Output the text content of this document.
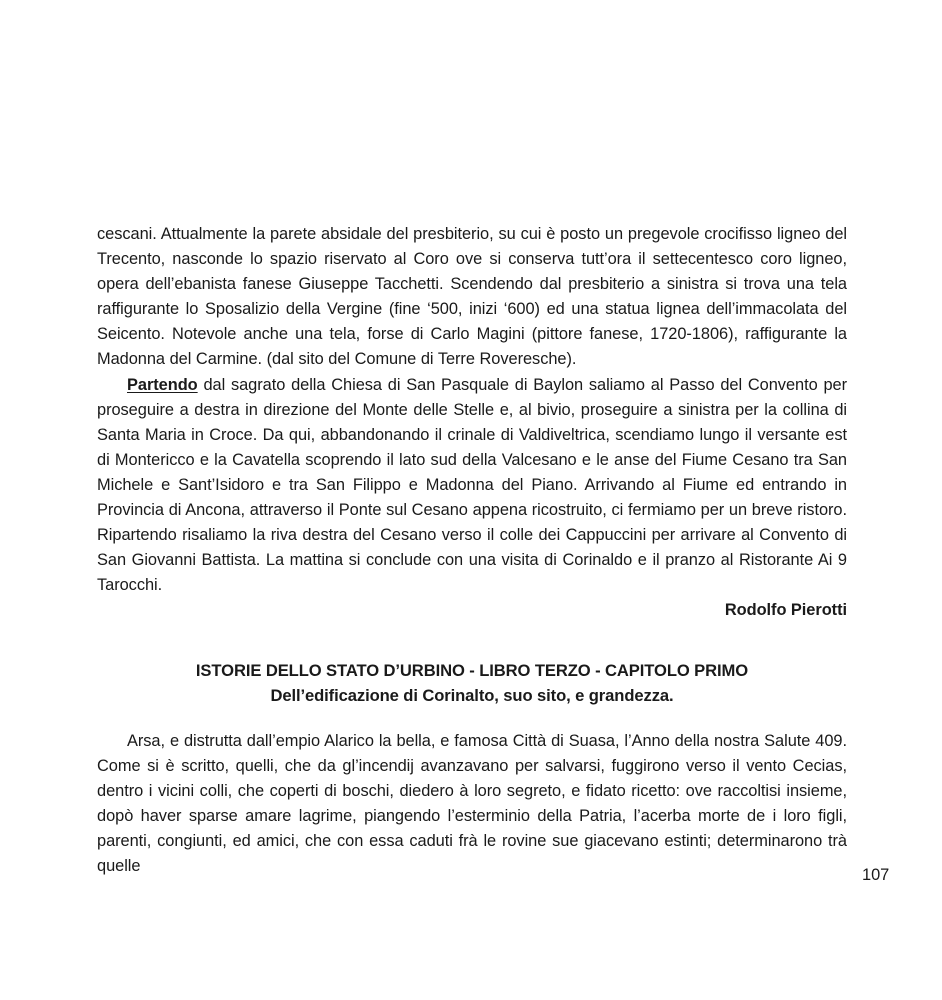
cescani. Attualmente la parete absidale del presbiterio, su cui è posto un pregevole crocifisso ligneo del Trecento, nasconde lo spazio riservato al Coro ove si conserva tutt’ora il settecentesco coro ligneo, opera dell’ebanista fanese Giuseppe Tacchetti. Scendendo dal presbiterio a sinistra si trova una tela raffigurante lo Sposalizio della Vergine (fine ‘500, inizi ‘600) ed una statua lignea dell’immacolata del Seicento. Notevole anche una tela, forse di Carlo Magini (pittore fanese, 1720-1806), raffigurante la Madonna del Carmine. (dal sito del Comune di Terre Roveresche).

Partendo dal sagrato della Chiesa di San Pasquale di Baylon saliamo al Passo del Convento per proseguire a destra in direzione del Monte delle Stelle e, al bivio, proseguire a sinistra per la collina di Santa Maria in Croce. Da qui, abbandonando il crinale di Valdiveltrica, scendiamo lungo il versante est di Montericco e la Cavatella scoprendo il lato sud della Valcesano e le anse del Fiume Cesano tra San Michele e Sant’Isidoro e tra San Filippo e Madonna del Piano. Arrivando al Fiume ed entrando in Provincia di Ancona, attraverso il Ponte sul Cesano appena ricostruito, ci fermiamo per un breve ristoro. Ripartendo risaliamo la riva destra del Cesano verso il colle dei Cappuccini per arrivare al Convento di San Giovanni Battista. La mattina si conclude con una visita di Corinaldo e il pranzo al Ristorante Ai 9 Tarocchi.

Rodolfo Pierotti

ISTORIE DELLO STATO D’URBINO - LIBRO TERZO - CAPITOLO PRIMO

Dell’edificazione di Corinalto, suo sito, e grandezza.

Arsa, e distrutta dall’empio Alarico la bella, e famosa Città di Suasa, l’Anno della nostra Salute 409. Come si è scritto, quelli, che da gl’incendij avanzavano per salvarsi, fuggirono verso il vento Cecias, dentro i vicini colli, che coperti di boschi, diedero à loro segreto, e fidato ricetto: ove raccoltisi insieme, dopò haver sparse amare lagrime, piangendo l’esterminio della Patria, l’acerba morte de i loro figli, parenti, congiunti, ed amici, che con essa caduti frà le rovine sue giacevano estinti; determinarono trà quelle

107
